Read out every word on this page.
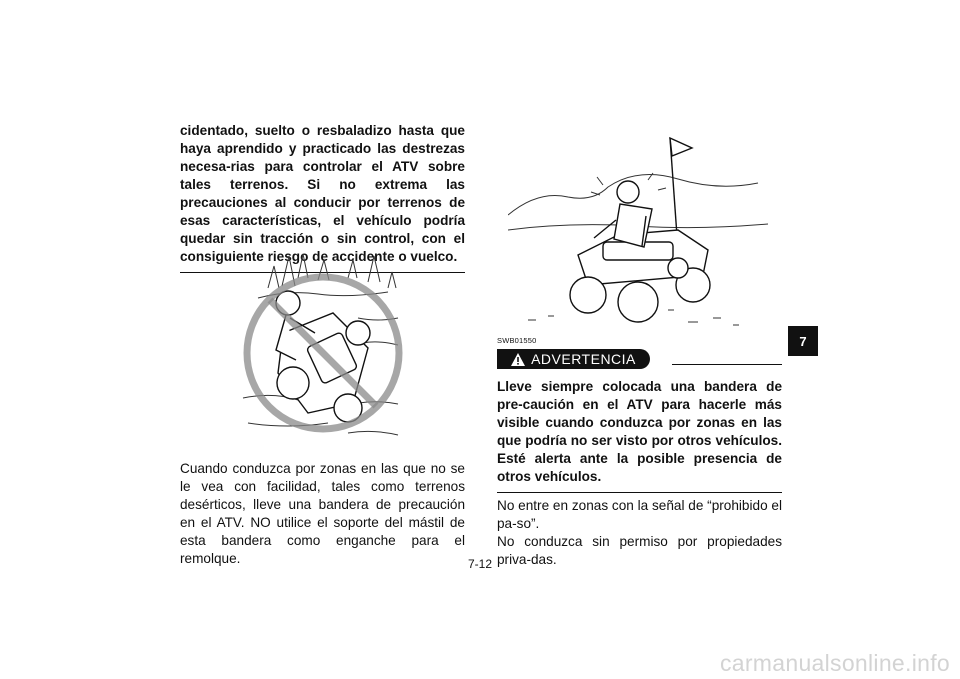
cidentado, suelto o resbaladizo hasta que haya aprendido y practicado las destrezas necesa-rias para controlar el ATV sobre tales terrenos. Si no extrema las precauciones al conducir por terrenos de esas características, el vehículo podría quedar sin tracción o sin control, con el consiguiente riesgo de accidente o vuelco.

Cuando conduzca por zonas en las que no se le vea con facilidad, tales como terrenos desérticos, lleve una bandera de precaución en el ATV. NO utilice el soporte del mástil de esta bandera como enganche para el remolque.

SWB01550

ADVERTENCIA

Lleve siempre colocada una bandera de pre-caución en el ATV para hacerle más visible cuando conduzca por zonas en las que podría no ser visto por otros vehículos. Esté alerta ante la posible presencia de otros vehículos.

No entre en zonas con la señal de “prohibido el pa-so”.

No conduzca sin permiso por propiedades priva-das.

7-12
7
carmanualsonline.info
